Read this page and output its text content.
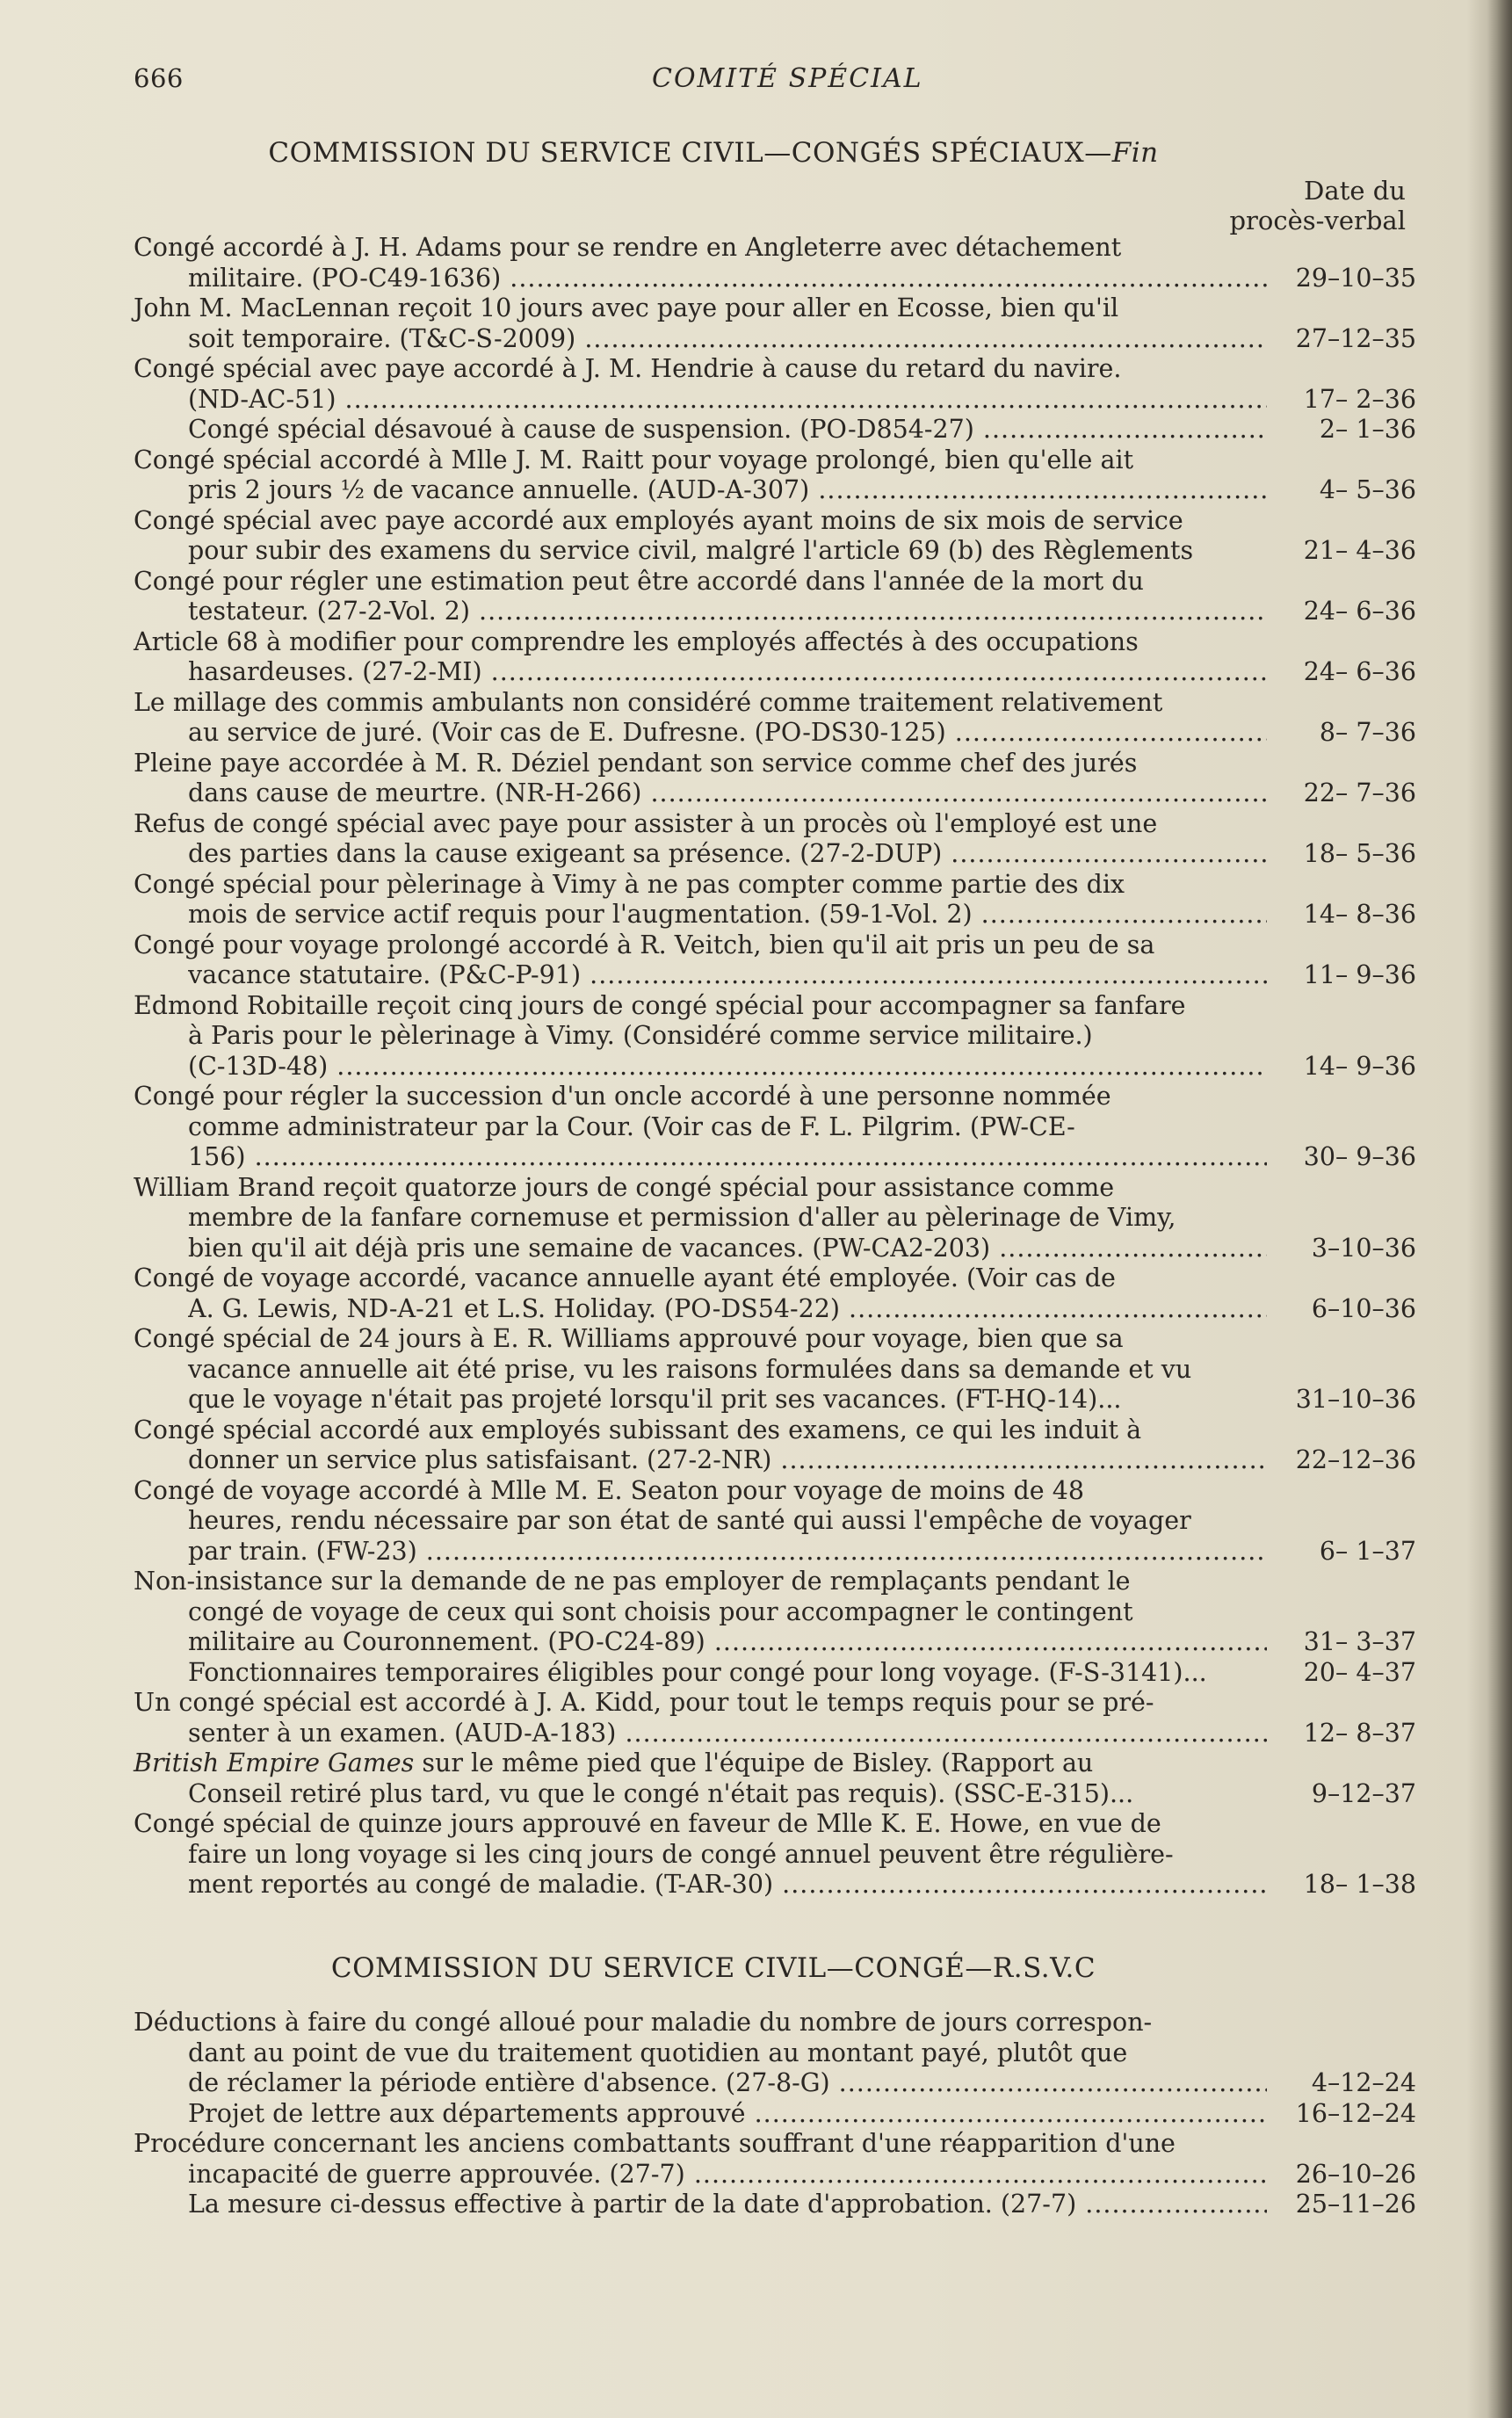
666	COMITÉ SPÉCIAL
COMMISSION DU SERVICE CIVIL—CONGÉS SPÉCIAUX—Fin
Date du
procès-verbal
Congé accordé à J. H. Adams pour se rendre en Angleterre avec détachement
militaire. (PO-C49-1636) .....	29–10–35
John M. MacLennan reçoit 10 jours avec paye pour aller en Ecosse, bien qu'il
soit temporaire. (T&C-S-2009) .....	27–12–35
Congé spécial avec paye accordé à J. M. Hendrie à cause du retard du navire.
(ND-AC-51) .....	17– 2–36
Congé spécial désavoué à cause de suspension. (PO-D854-27) .....	2– 1–36
Congé spécial accordé à Mlle J. M. Raitt pour voyage prolongé, bien qu'elle ait
pris 2 jours ½ de vacance annuelle. (AUD-A-307) .....	4– 5–36
Congé spécial avec paye accordé aux employés ayant moins de six mois de service
pour subir des examens du service civil, malgré l'article 69 (b) des Règlements	21– 4–36
Congé pour régler une estimation peut être accordé dans l'année de la mort du
testateur. (27-2-Vol. 2) .....	24– 6–36
Article 68 à modifier pour comprendre les employés affectés à des occupations
hasardeuses. (27-2-MI) .....	24– 6–36
Le millage des commis ambulants non considéré comme traitement relativement
au service de juré. (Voir cas de E. Dufresne. (PO-DS30-125) .....	8– 7–36
Pleine paye accordée à M. R. Déziel pendant son service comme chef des jurés
dans cause de meurtre. (NR-H-266) .....	22– 7–36
Refus de congé spécial avec paye pour assister à un procès où l'employé est une
des parties dans la cause exigeant sa présence. (27-2-DUP) .....	18– 5–36
Congé spécial pour pèlerinage à Vimy à ne pas compter comme partie des dix
mois de service actif requis pour l'augmentation. (59-1-Vol. 2) .....	14– 8–36
Congé pour voyage prolongé accordé à R. Veitch, bien qu'il ait pris un peu de sa
vacance statutaire. (P&C-P-91) .....	11– 9–36
Edmond Robitaille reçoit cinq jours de congé spécial pour accompagner sa fanfare
à Paris pour le pèlerinage à Vimy. (Considéré comme service militaire.)
(C-13D-48) .....	14– 9–36
Congé pour régler la succession d'un oncle accordé à une personne nommée
comme administrateur par la Cour. (Voir cas de F. L. Pilgrim. (PW-CE-
156) .....	30– 9–36
William Brand reçoit quatorze jours de congé spécial pour assistance comme
membre de la fanfare cornemuse et permission d'aller au pèlerinage de Vimy,
bien qu'il ait déjà pris une semaine de vacances. (PW-CA2-203) .....	3–10–36
Congé de voyage accordé, vacance annuelle ayant été employée. (Voir cas de
A. G. Lewis, ND-A-21 et L.S. Holiday. (PO-DS54-22) .....	6–10–36
Congé spécial de 24 jours à E. R. Williams approuvé pour voyage, bien que sa
vacance annuelle ait été prise, vu les raisons formulées dans sa demande et vu
que le voyage n'était pas projeté lorsqu'il prit ses vacances. (FT-HQ-14)...	31–10–36
Congé spécial accordé aux employés subissant des examens, ce qui les induit à
donner un service plus satisfaisant. (27-2-NR) .....	22–12–36
Congé de voyage accordé à Mlle M. E. Seaton pour voyage de moins de 48
heures, rendu nécessaire par son état de santé qui aussi l'empêche de voyager
par train. (FW-23) .....	6– 1–37
Non-insistance sur la demande de ne pas employer de remplaçants pendant le
congé de voyage de ceux qui sont choisis pour accompagner le contingent
militaire au Couronnement. (PO-C24-89) .....	31– 3–37
Fonctionnaires temporaires éligibles pour congé pour long voyage. (F-S-3141)...	20– 4–37
Un congé spécial est accordé à J. A. Kidd, pour tout le temps requis pour se pré-
senter à un examen. (AUD-A-183) .....	12– 8–37
British Empire Games sur le même pied que l'équipe de Bisley. (Rapport au
Conseil retiré plus tard, vu que le congé n'était pas requis). (SSC-E-315)...	9–12–37
Congé spécial de quinze jours approuvé en faveur de Mlle K. E. Howe, en vue de
faire un long voyage si les cinq jours de congé annuel peuvent être régulière-
ment reportés au congé de maladie. (T-AR-30) .....	18– 1–38
COMMISSION DU SERVICE CIVIL—CONGÉ—R.S.V.C
Déductions à faire du congé alloué pour maladie du nombre de jours correspon-
dant au point de vue du traitement quotidien au montant payé, plutôt que
de réclamer la période entière d'absence. (27-8-G) .....	4–12–24
Projet de lettre aux départements approuvé .....	16–12–24
Procédure concernant les anciens combattants souffrant d'une réapparition d'une
incapacité de guerre approuvée. (27-7) .....	26–10–26
La mesure ci-dessus effective à partir de la date d'approbation. (27-7) .....	25–11–26
